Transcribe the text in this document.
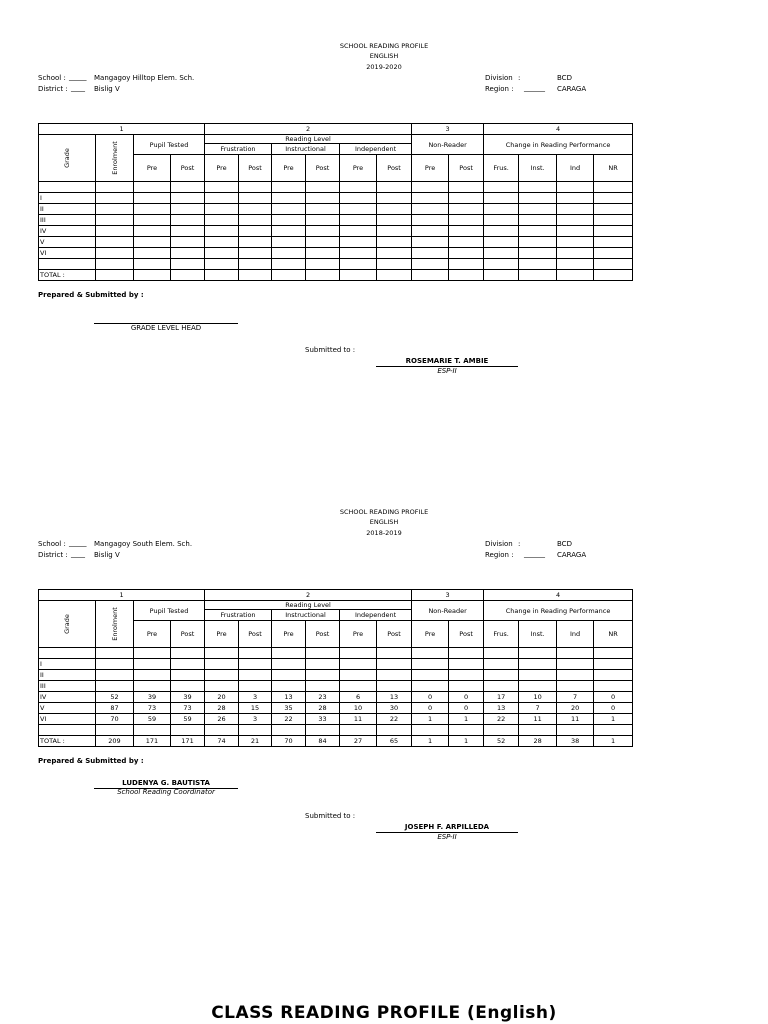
SCHOOL READING PROFILE
ENGLISH
2019-2020
School : _____ Mangagoy Hilltop Elem. Sch.
District : ____ Bislig V
Division :	BCD
Region : ______ CARAGA
1				2						3		4			
Grade	Enrolment	Pupil Tested		Reading Level						Non-Reader		Change in Reading Performance			
				Frustration		Instructional		Independent							
		Pre	Post	Pre	Post	Pre	Post	Pre	Post	Pre	Post	Frus.	Inst.	Ind	NR

I															
II															
III															
IV															
V															
VI															

TOTAL :															
Prepared & Submitted by :
GRADE LEVEL HEAD
Submitted to :
ROSEMARIE T. AMBIE
ESP-II
SCHOOL READING PROFILE
ENGLISH
2018-2019
School : _____ Mangagoy South Elem. Sch.
District : ____ Bislig V
Division :	BCD
Region : ______ CARAGA
1				2						3		4			
Grade	Enrolment	Pupil Tested		Reading Level						Non-Reader		Change in Reading Performance			
				Frustration		Instructional		Independent							
		Pre	Post	Pre	Post	Pre	Post	Pre	Post	Pre	Post	Frus.	Inst.	Ind	NR

I															
II															
III															
IV	52	39	39	20	3	13	23	6	13	0	0	17	10	7	0
V	87	73	73	28	15	35	28	10	30	0	0	13	7	20	0
VI	70	59	59	26	3	22	33	11	22	1	1	22	11	11	1

TOTAL :	209	171	171	74	21	70	84	27	65	1	1	52	28	38	1
Prepared & Submitted by :
LUDENYA G. BAUTISTA
School Reading Coordinator
Submitted to :
JOSEPH F. ARPILLEDA
ESP-II
CLASS READING PROFILE (English)
